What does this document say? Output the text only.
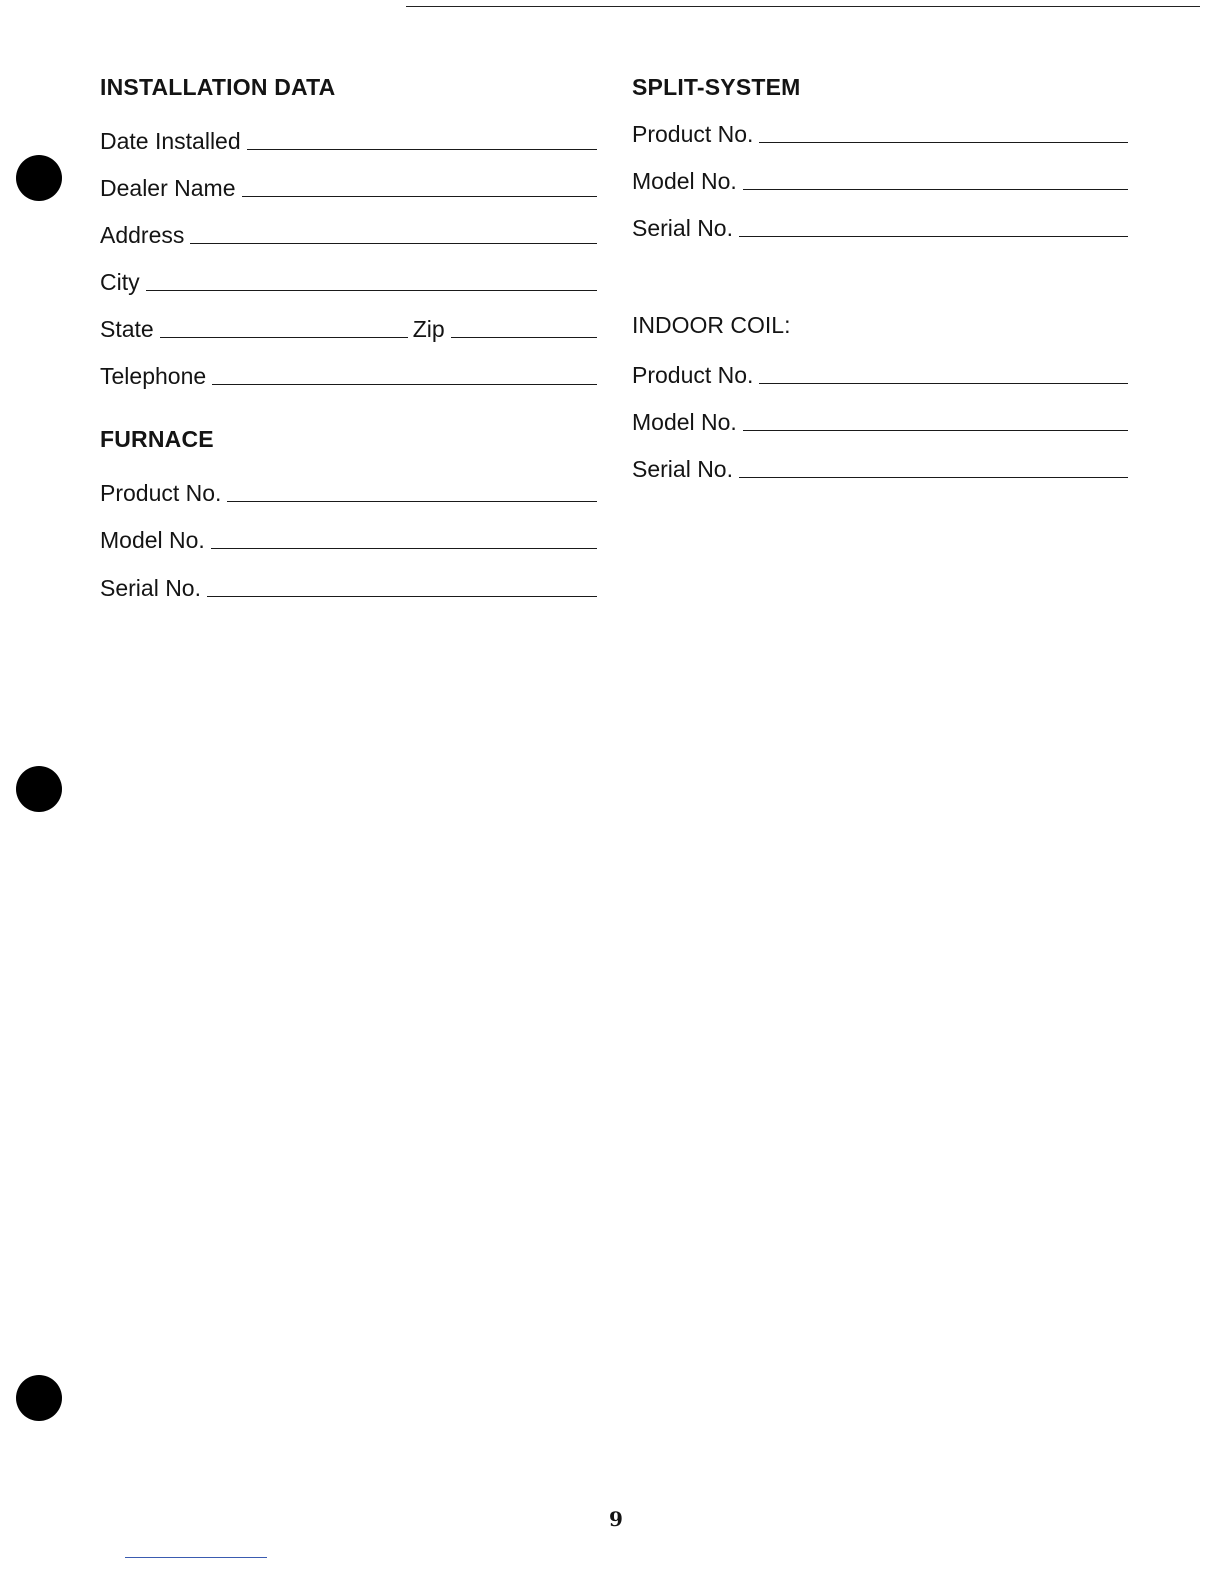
INSTALLATION DATA
Date Installed
Dealer Name
Address
City
State	Zip
Telephone
FURNACE
Product No.
Model No.
Serial No.
SPLIT-SYSTEM
Product No.
Model No.
Serial No.
INDOOR COIL:
Product No.
Model No.
Serial No.
9
